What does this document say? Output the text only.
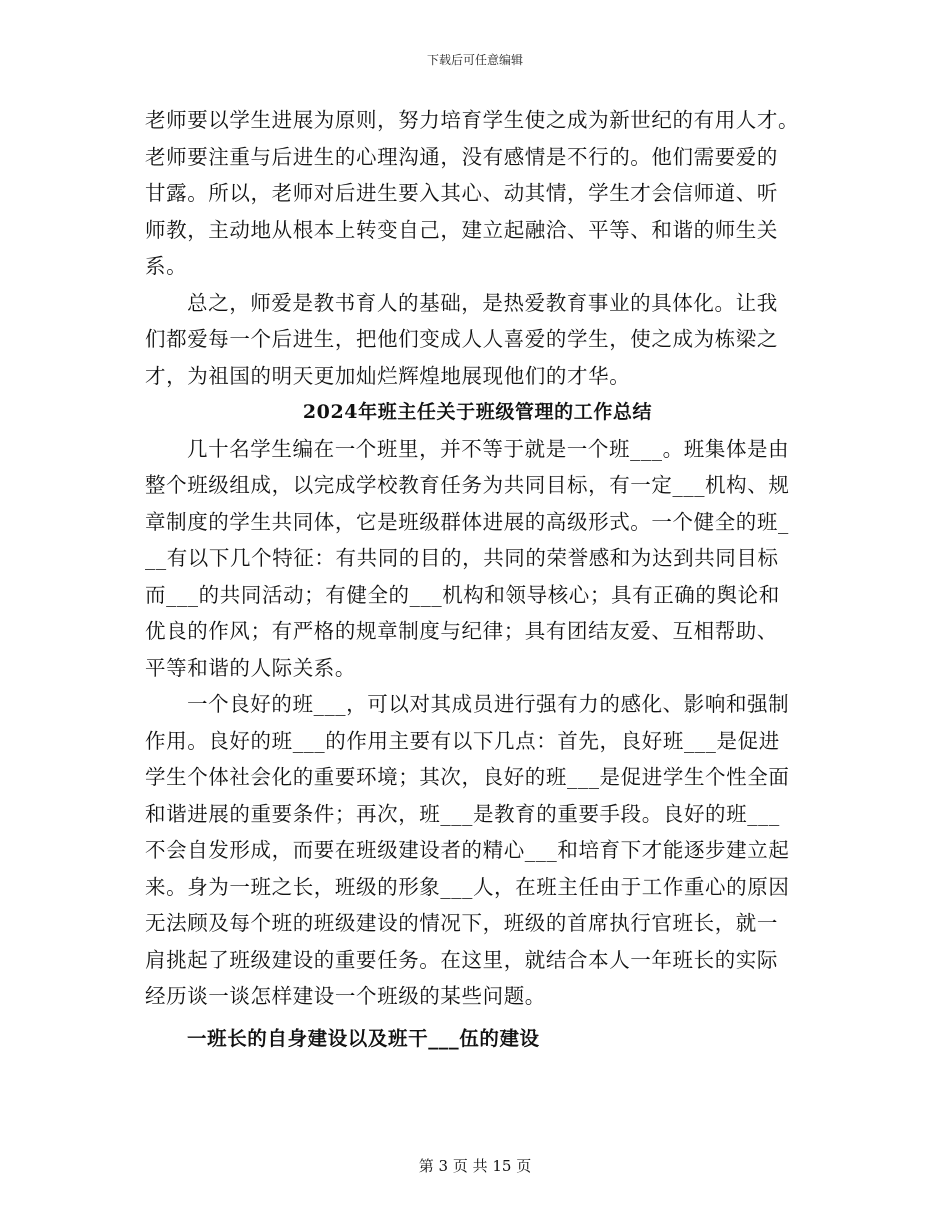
下载后可任意编辑
老师要以学生进展为原则，努力培育学生使之成为新世纪的有用人才。
老师要注重与后进生的心理沟通，没有感情是不行的。他们需要爱的
甘露。所以，老师对后进生要入其心、动其情，学生才会信师道、听
师教，主动地从根本上转变自己，建立起融洽、平等、和谐的师生关
系。
总之，师爱是教书育人的基础，是热爱教育事业的具体化。让我
们都爱每一个后进生，把他们变成人人喜爱的学生，使之成为栋梁之
才，为祖国的明天更加灿烂辉煌地展现他们的才华。
2024年班主任关于班级管理的工作总结
几十名学生编在一个班里，并不等于就是一个班___。班集体是由
整个班级组成，以完成学校教育任务为共同目标，有一定___机构、规
章制度的学生共同体，它是班级群体进展的高级形式。一个健全的班_
__有以下几个特征：有共同的目的，共同的荣誉感和为达到共同目标
而___的共同活动；有健全的___机构和领导核心；具有正确的舆论和
优良的作风；有严格的规章制度与纪律；具有团结友爱、互相帮助、
平等和谐的人际关系。
一个良好的班___，可以对其成员进行强有力的感化、影响和强制
作用。良好的班___的作用主要有以下几点：首先，良好班___是促进
学生个体社会化的重要环境；其次，良好的班___是促进学生个性全面
和谐进展的重要条件；再次，班___是教育的重要手段。良好的班___
不会自发形成，而要在班级建设者的精心___和培育下才能逐步建立起
来。身为一班之长，班级的形象___人，在班主任由于工作重心的原因
无法顾及每个班的班级建设的情况下，班级的首席执行官班长，就一
肩挑起了班级建设的重要任务。在这里，就结合本人一年班长的实际
经历谈一谈怎样建设一个班级的某些问题。
一班长的自身建设以及班干___伍的建设
第 3 页 共 15 页
